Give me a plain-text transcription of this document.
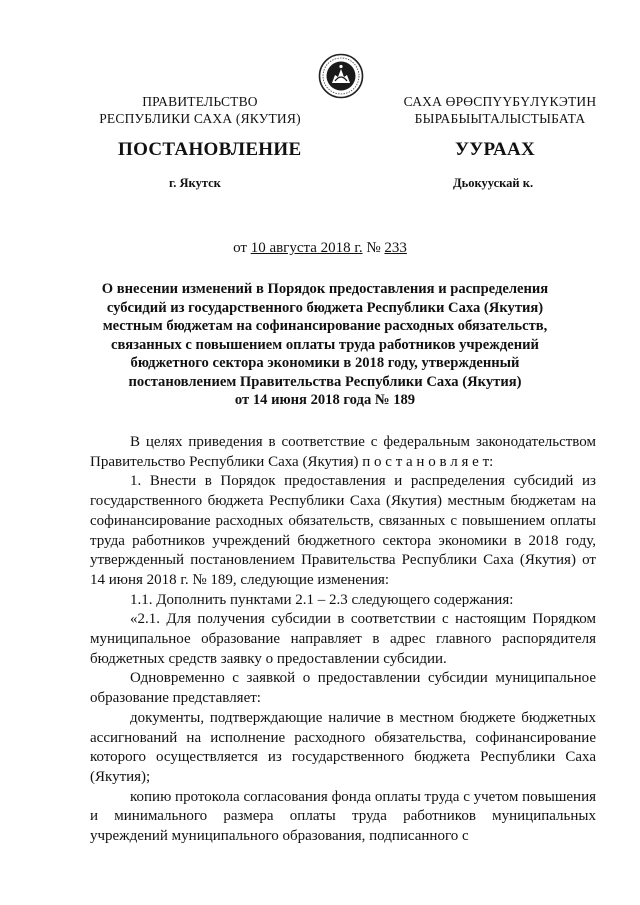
ПРАВИТЕЛЬСТВО
РЕСПУБЛИКИ САХА (ЯКУТИЯ)
САХА ӨРӨСПҮҮБҮЛҮКЭТИН
БЫРАБЫЫТАЛЫСТЫБАТА
ПОСТАНОВЛЕНИЕ	УУРААХ
г. Якутск	Дьокуускай к.
от 10 августа 2018 г. № 233
О внесении изменений в Порядок предоставления и распределения
субсидий из государственного бюджета Республики Саха (Якутия)
местным бюджетам на софинансирование расходных обязательств,
связанных с повышением оплаты труда работников учреждений
бюджетного сектора экономики в 2018 году, утвержденный
постановлением Правительства Республики Саха (Якутия)
от 14 июня 2018 года № 189

В целях приведения в соответствие с федеральным законодательством Правительство Республики Саха (Якутия) п о с т а н о в л я е т:

1. Внести в Порядок предоставления и распределения субсидий из государственного бюджета Республики Саха (Якутия) местным бюджетам на софинансирование расходных обязательств, связанных с повышением оплаты труда работников учреждений бюджетного сектора экономики в 2018 году, утвержденный постановлением Правительства Республики Саха (Якутия) от 14 июня 2018 г. № 189, следующие изменения:

1.1. Дополнить пунктами 2.1 – 2.3 следующего содержания:

«2.1. Для получения субсидии в соответствии с настоящим Порядком муниципальное образование направляет в адрес главного распорядителя бюджетных средств заявку о предоставлении субсидии.

Одновременно с заявкой о предоставлении субсидии муниципальное образование представляет:

документы, подтверждающие наличие в местном бюджете бюджетных ассигнований на исполнение расходного обязательства, софинансирование которого осуществляется из государственного бюджета Республики Саха (Якутия);

копию протокола согласования фонда оплаты труда с учетом повышения и минимального размера оплаты труда работников муниципальных учреждений муниципального образования, подписанного с
